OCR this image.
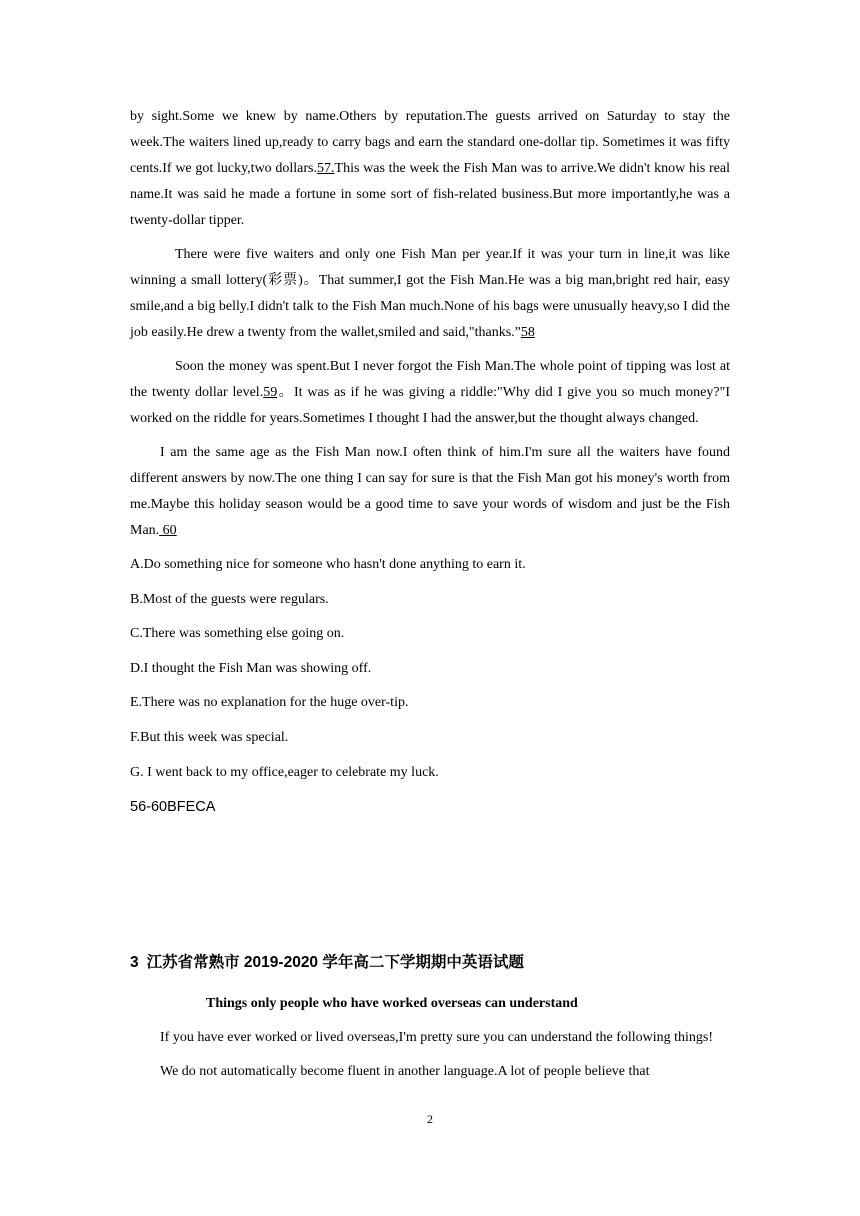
by sight.Some we knew by name.Others by reputation.The guests arrived on Saturday to stay the week.The waiters lined up,ready to carry bags and earn the standard one-dollar tip. Sometimes it was fifty cents.If we got lucky,two dollars.57.This was the week the Fish Man was to arrive.We didn't know his real name.It was said he made a fortune in some sort of fish-related business.But more importantly,he was a twenty-dollar tipper.

There were five waiters and only one Fish Man per year.If it was your turn in line,it was like winning a small lottery(彩票)。That summer,I got the Fish Man.He was a big man,bright red hair, easy smile,and a big belly.I didn't talk to the Fish Man much.None of his bags were unusually heavy,so I did the job easily.He drew a twenty from the wallet,smiled and said,"thanks.”58

Soon the money was spent.But I never forgot the Fish Man.The whole point of tipping was lost at the twenty dollar level.59。It was as if he was giving a riddle:"Why did I give you so much money?"I worked on the riddle for years.Sometimes I thought I had the answer,but the thought always changed.

I am the same age as the Fish Man now.I often think of him.I'm sure all the waiters have found different answers by now.The one thing I can say for sure is that the Fish Man got his money's worth from me.Maybe this holiday season would be a good time to save your words of wisdom and just be the Fish Man. 60

A.Do something nice for someone who hasn't done anything to earn it.

B.Most of the guests were regulars.

C.There was something else going on.

D.I thought the Fish Man was showing off.

E.There was no explanation for the huge over-tip.

F.But this week was special.

G. I went back to my office,eager to celebrate my luck.

56-60BFECA

3 江苏省常熟市 2019-2020 学年高二下学期期中英语试题
Things only people who have worked overseas can understand

If you have ever worked or lived overseas,I'm pretty sure you can understand the following things!

We do not automatically become fluent in another language.A lot of people believe that

2
